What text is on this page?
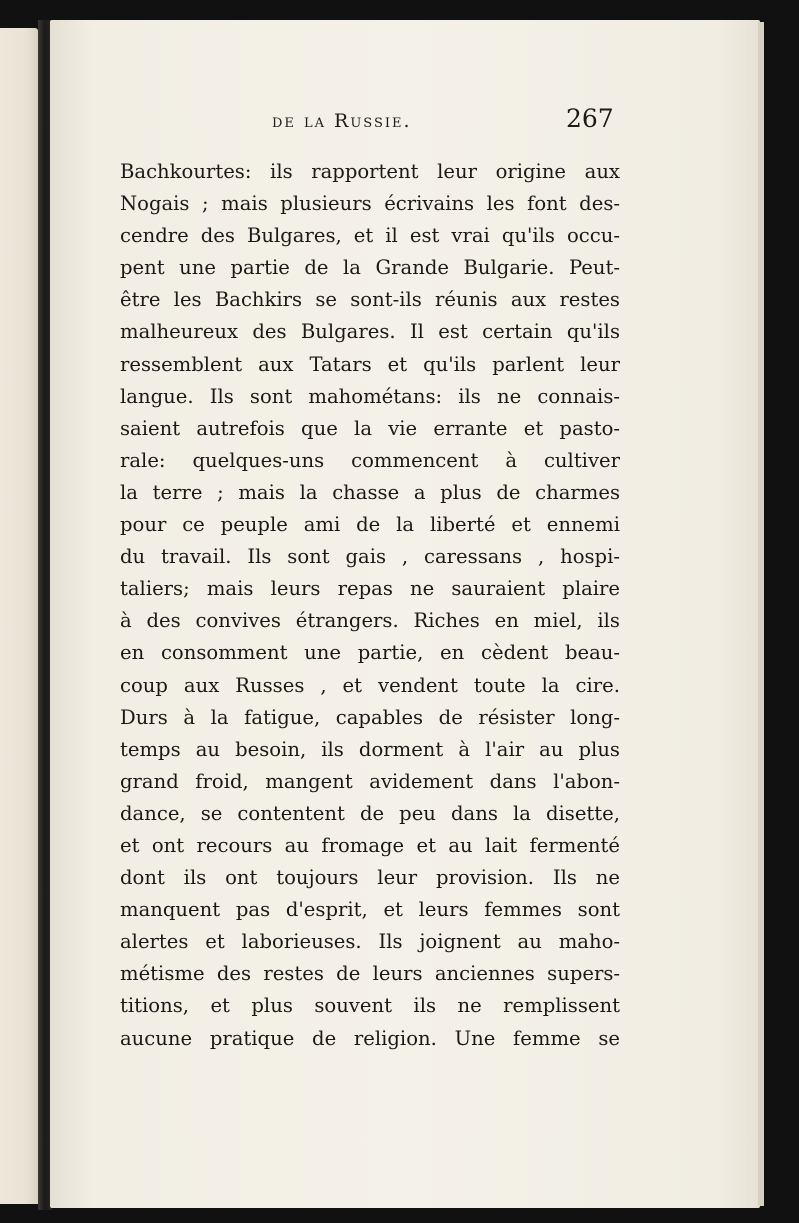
de la Russie.	267
Bachkourtes: ils rapportent leur origine aux
Nogais ; mais plusieurs écrivains les font des-
cendre des Bulgares, et il est vrai qu'ils occu-
pent une partie de la Grande Bulgarie. Peut-
être les Bachkirs se sont-ils réunis aux restes
malheureux des Bulgares. Il est certain qu'ils
ressemblent aux Tatars et qu'ils parlent leur
langue. Ils sont mahométans: ils ne connais-
saient autrefois que la vie errante et pasto-
rale: quelques-uns commencent à cultiver
la terre ; mais la chasse a plus de charmes
pour ce peuple ami de la liberté et ennemi
du travail. Ils sont gais , caressans , hospi-
taliers; mais leurs repas ne sauraient plaire
à des convives étrangers. Riches en miel, ils
en consomment une partie, en cèdent beau-
coup aux Russes , et vendent toute la cire.
Durs à la fatigue, capables de résister long-
temps au besoin, ils dorment à l'air au plus
grand froid, mangent avidement dans l'abon-
dance, se contentent de peu dans la disette,
et ont recours au fromage et au lait fermenté
dont ils ont toujours leur provision. Ils ne
manquent pas d'esprit, et leurs femmes sont
alertes et laborieuses. Ils joignent au maho-
métisme des restes de leurs anciennes supers-
titions, et plus souvent ils ne remplissent
aucune pratique de religion. Une femme se
